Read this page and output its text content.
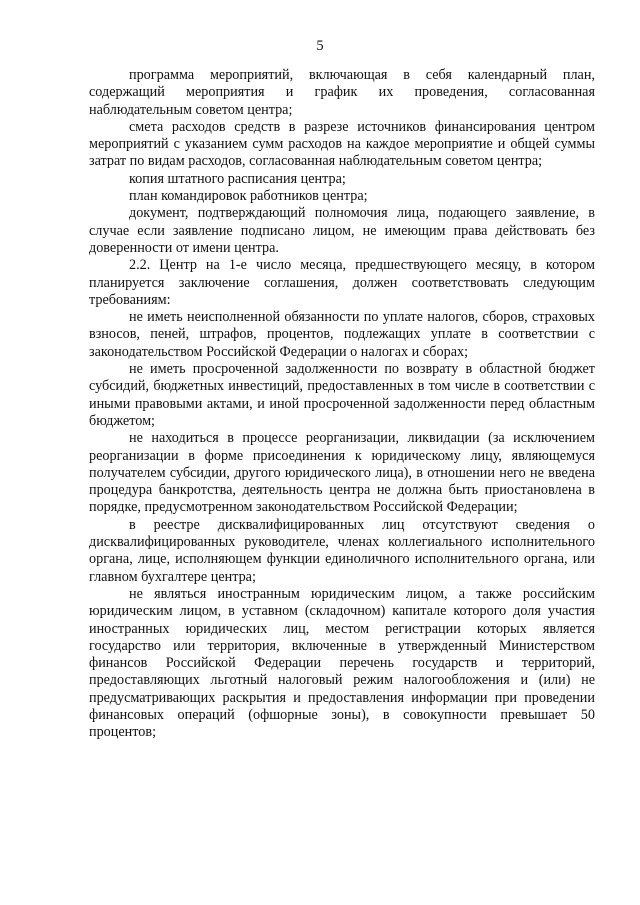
5

программа мероприятий, включающая в себя календарный план, содержащий мероприятия и график их проведения, согласованная наблюдательным советом центра;

смета расходов средств в разрезе источников финансирования центром мероприятий с указанием сумм расходов на каждое мероприятие и общей суммы затрат по видам расходов, согласованная наблюдательным советом центра;

копия штатного расписания центра;

план командировок работников центра;

документ, подтверждающий полномочия лица, подающего заявление, в случае если заявление подписано лицом, не имеющим права действовать без доверенности от имени центра.

2.2. Центр на 1-е число месяца, предшествующего месяцу, в котором планируется заключение соглашения, должен соответствовать следующим требованиям:

не иметь неисполненной обязанности по уплате налогов, сборов, страховых взносов, пеней, штрафов, процентов, подлежащих уплате в соответствии с законодательством Российской Федерации о налогах и сборах;

не иметь просроченной задолженности по возврату в областной бюджет субсидий, бюджетных инвестиций, предоставленных в том числе в соответствии с иными правовыми актами, и иной просроченной задолженности перед областным бюджетом;

не находиться в процессе реорганизации, ликвидации (за исключением реорганизации в форме присоединения к юридическому лицу, являющемуся получателем субсидии, другого юридического лица), в отношении него не введена процедура банкротства, деятельность центра не должна быть приостановлена в порядке, предусмотренном законодательством Российской Федерации;

в реестре дисквалифицированных лиц отсутствуют сведения о дисквалифицированных руководителе, членах коллегиального исполнительного органа, лице, исполняющем функции единоличного исполнительного органа, или главном бухгалтере центра;

не являться иностранным юридическим лицом, а также российским юридическим лицом, в уставном (складочном) капитале которого доля участия иностранных юридических лиц, местом регистрации которых является государство или территория, включенные в утвержденный Министерством финансов Российской Федерации перечень государств и территорий, предоставляющих льготный налоговый режим налогообложения и (или) не предусматривающих раскрытия и предоставления информации при проведении финансовых операций (офшорные зоны), в совокупности превышает 50 процентов;
